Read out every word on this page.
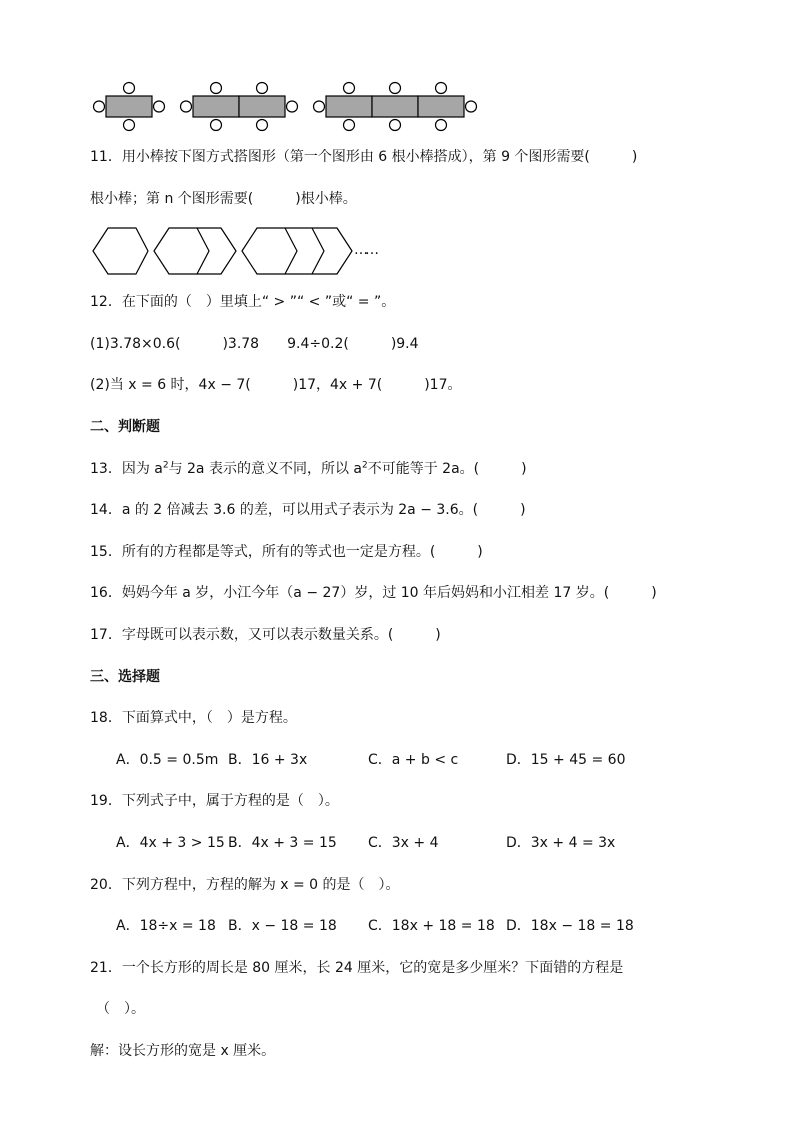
11．用小棒按下图方式搭图形（第一个图形由 6 根小棒搭成），第 9 个图形需要(　　　)
根小棒；第 n 个图形需要(　　　)根小棒。
……
12．在下面的（　）里填上“ > ”“ < ”或“ = ”。
(1)3.78×0.6(　　　)3.78　　9.4÷0.2(　　　)9.4
(2)当 x = 6 时，4x − 7(　　　)17，4x + 7(　　　)17。
二、判断题
13．因为 $a^2$与 2a 表示的意义不同，所以 $a^2$不可能等于 2a。(　　　)
14．a 的 2 倍减去 3.6 的差，可以用式子表示为 2a − 3.6。(　　　)
15．所有的方程都是等式，所有的等式也一定是方程。(　　　)
16．妈妈今年 a 岁，小江今年（a − 27）岁，过 10 年后妈妈和小江相差 17 岁。(　　　)
17．字母既可以表示数，又可以表示数量关系。(　　　)
三、选择题
18．下面算式中，（　）是方程。
A．0.5 = 0.5m B．16 + 3x	C．a + b < c	D．15 + 45 = 60
19．下列式子中，属于方程的是（　）。
A．4x + 3 > 15 B．4x + 3 = 15 C．3x + 4	D．3x + 4 = 3x
20．下列方程中，方程的解为 x = 0 的是（　）。
A．18÷x = 18 B．x − 18 = 18 C．18x + 18 = 18 D．18x − 18 = 18
21．一个长方形的周长是 80 厘米，长 24 厘米，它的宽是多少厘米？下面错的方程是
（　）。
解：设长方形的宽是 x 厘米。
